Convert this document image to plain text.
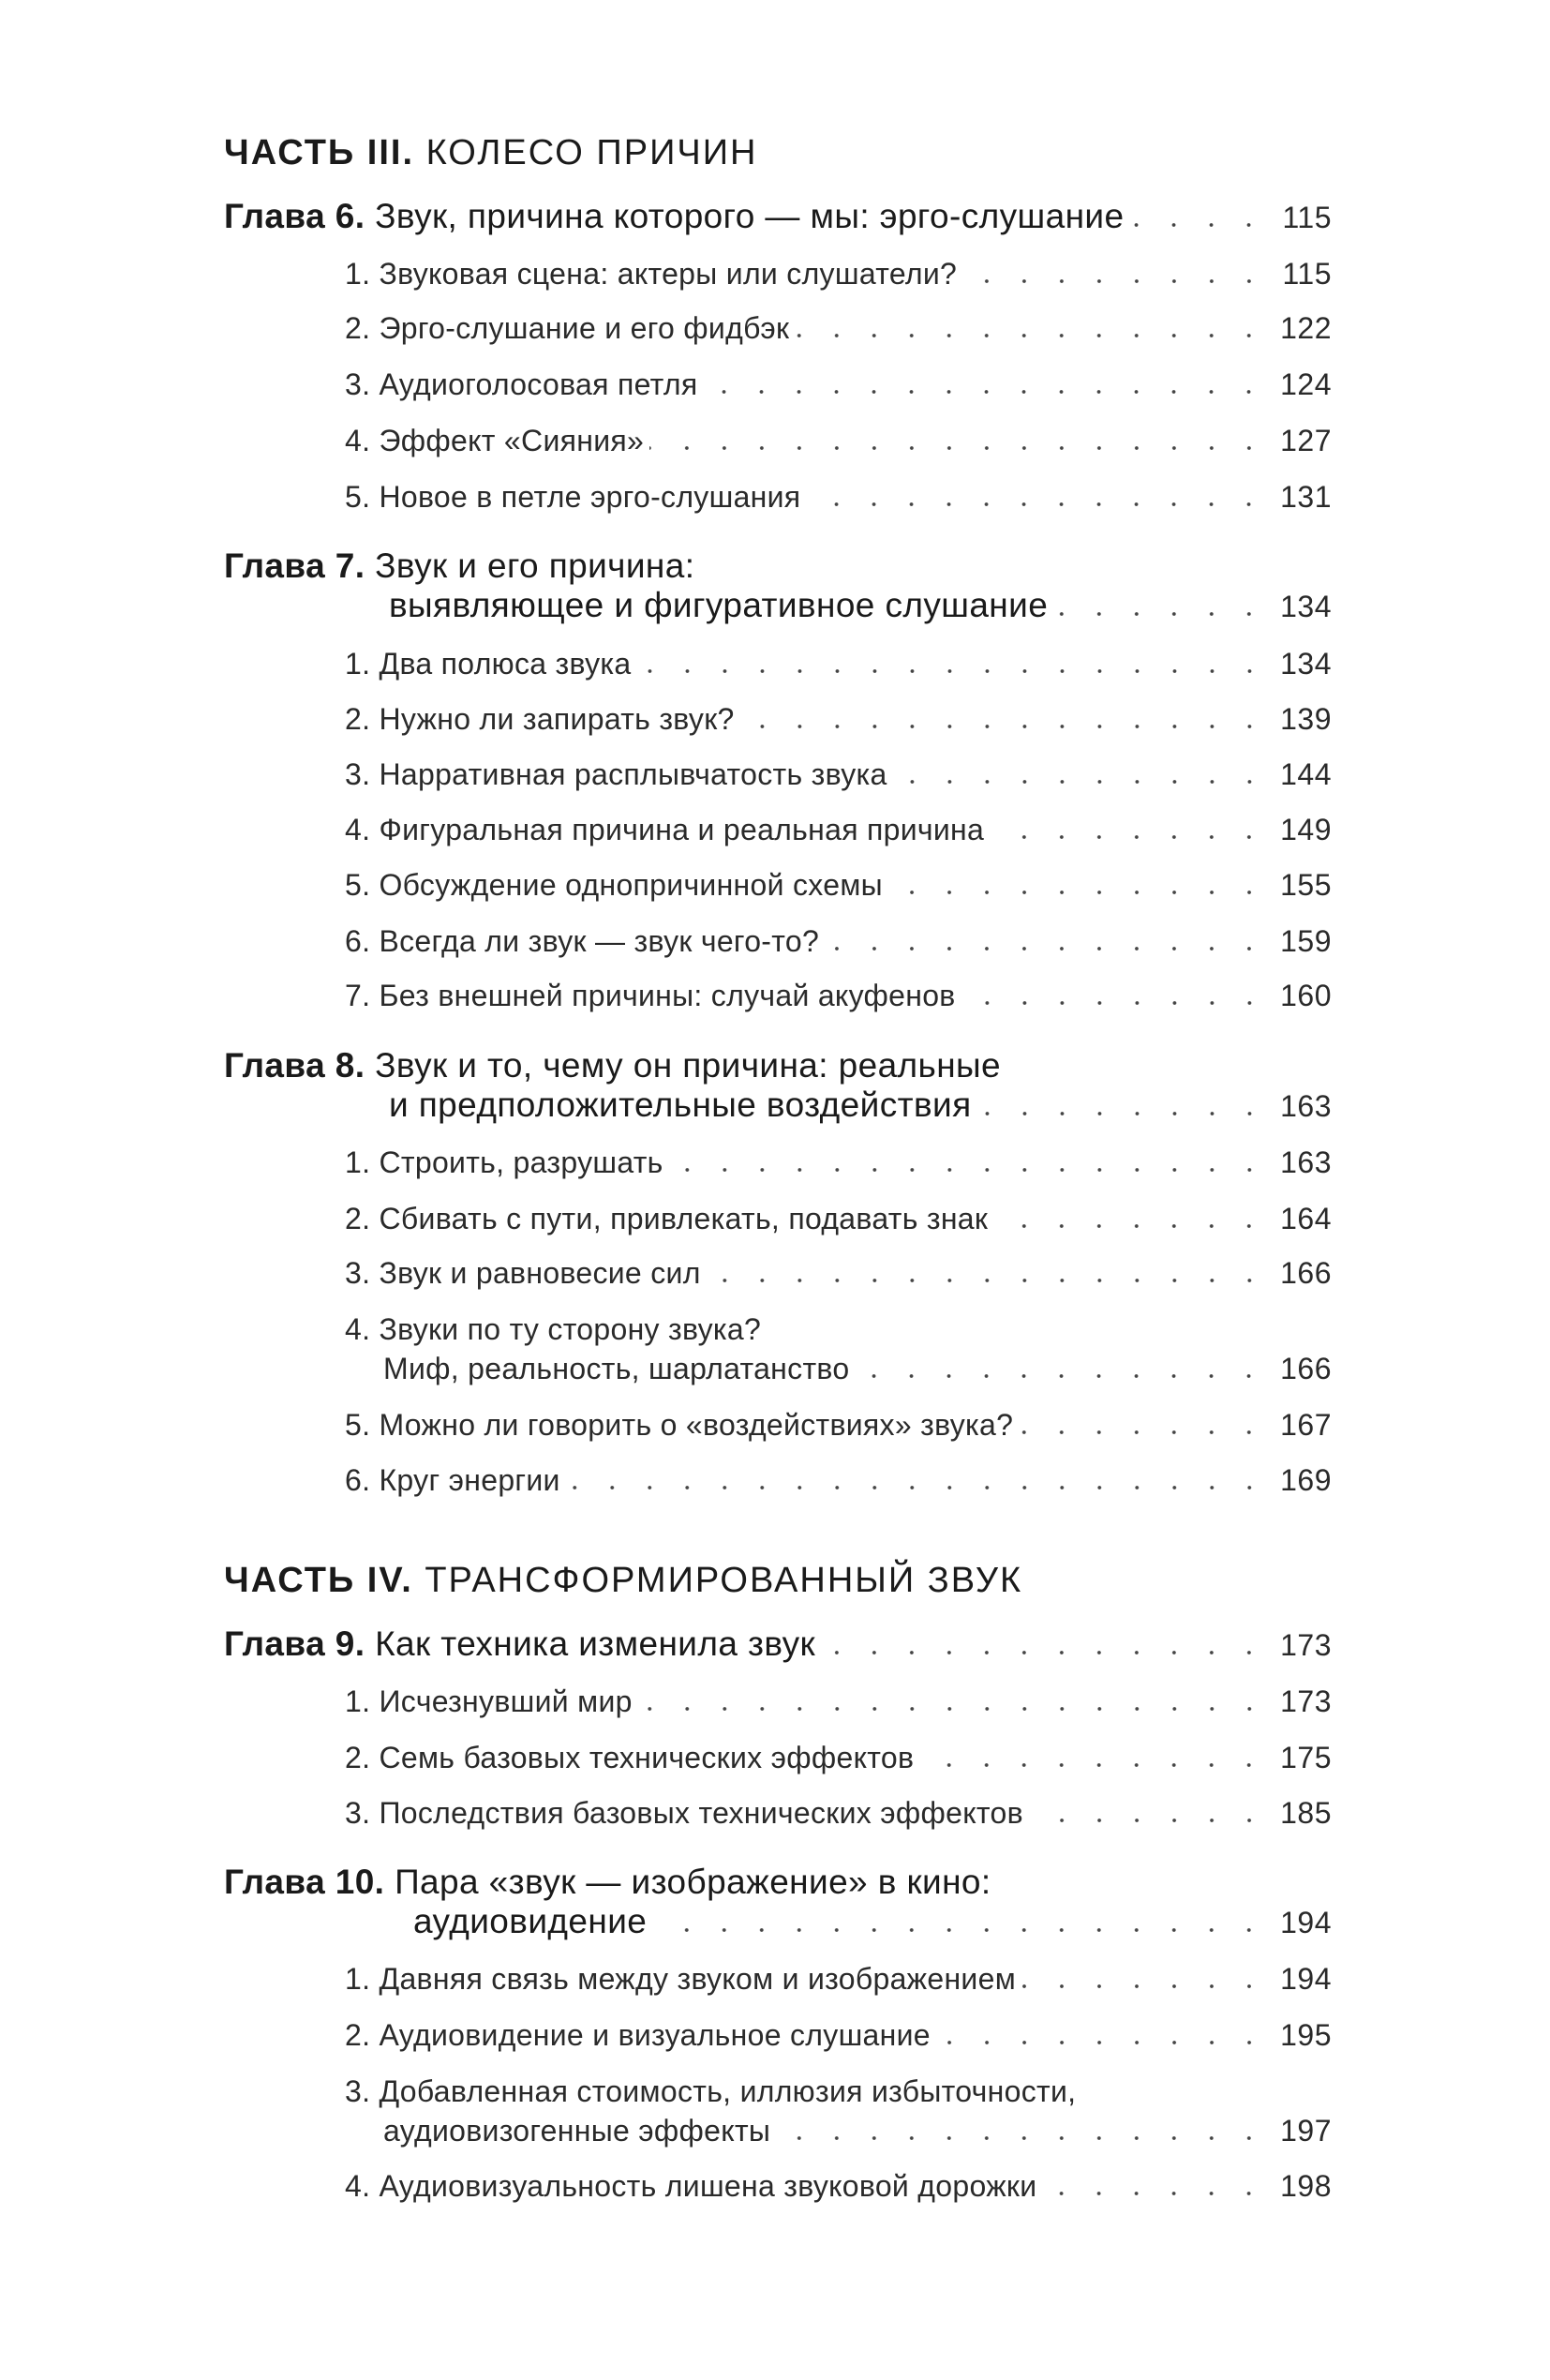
ЧАСТЬ III. КОЛЕСО ПРИЧИН
Глава 6.
Звук, причина которого — мы: эрго-слушание	115
1. Звуковая сцена: актеры или слушатели?	115
2. Эрго-слушание и его фидбэк	122
3. Аудиоголосовая петля	124
4. Эффект «Сияния»	127
5. Новое в петле эрго-слушания	131
Глава 7.
Звук и его причина:
выявляющее и фигуративное слушание	134
1. Два полюса звука	134
2. Нужно ли запирать звук?	139
3. Нарративная расплывчатость звука	144
4. Фигуральная причина и реальная причина	149
5. Обсуждение однопричинной схемы	155
6. Всегда ли звук — звук чего-то?	159
7. Без внешней причины: случай акуфенов	160
Глава 8.
Звук и то, чему он причина: реальные
и предположительные воздействия	163
1. Строить, разрушать	163
2. Сбивать с пути, привлекать, подавать знак	164
3. Звук и равновесие сил	166
4. Звуки по ту сторону звука?
Миф, реальность, шарлатанство	166
5. Можно ли говорить о «воздействиях» звука?	167
6. Круг энергии	169
ЧАСТЬ IV. ТРАНСФОРМИРОВАННЫЙ ЗВУК
Глава 9.
Как техника изменила звук	173
1. Исчезнувший мир	173
2. Семь базовых технических эффектов	175
3. Последствия базовых технических эффектов	185
Глава 10.
Пара «звук — изображение» в кино:
аудиовидение	194
1. Давняя связь между звуком и изображением	194
2. Аудиовидение и визуальное слушание	195
3. Добавленная стоимость, иллюзия избыточности,
аудиовизогенные эффекты	197
4. Аудиовизуальность лишена звуковой дорожки	198
